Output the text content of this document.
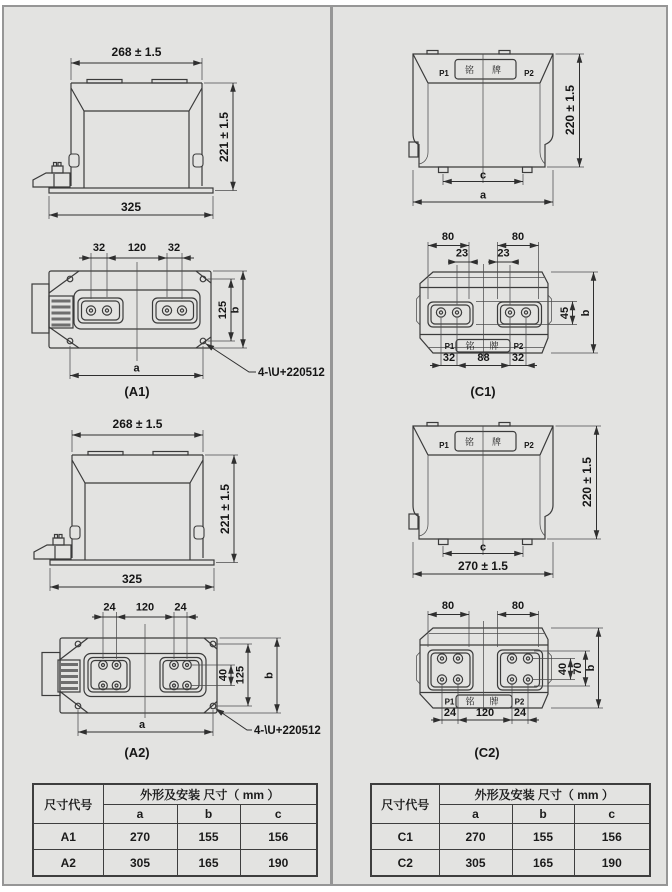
268 ± 1.5
221 ± 1.5
325
32 120 32
125 b
a	4-\U+220512
(A1)
268 ± 1.5
221 ± 1.5
325
24 120 24
40 125 b
a	4-\U+220512
(A2)
P1	P2
铭 牌
c
a
220 ± 1.5
铭 牌
P1	P2
80	80
23	23
45 b
32 88 32
(C1)
P1	P2
铭 牌
c
270 ± 1.5
220 ± 1.5
铭 牌
P1	P2
80	80
40 70 b
24 120 24
(C2)
尺寸代号	外形及安装 尺寸（ mm ）		
	a	b	c
A1	270	155	156
A2	305	165	190
尺寸代号	外形及安装 尺寸（ mm ）		
	a	b	c
C1	270	155	156
C2	305	165	190
